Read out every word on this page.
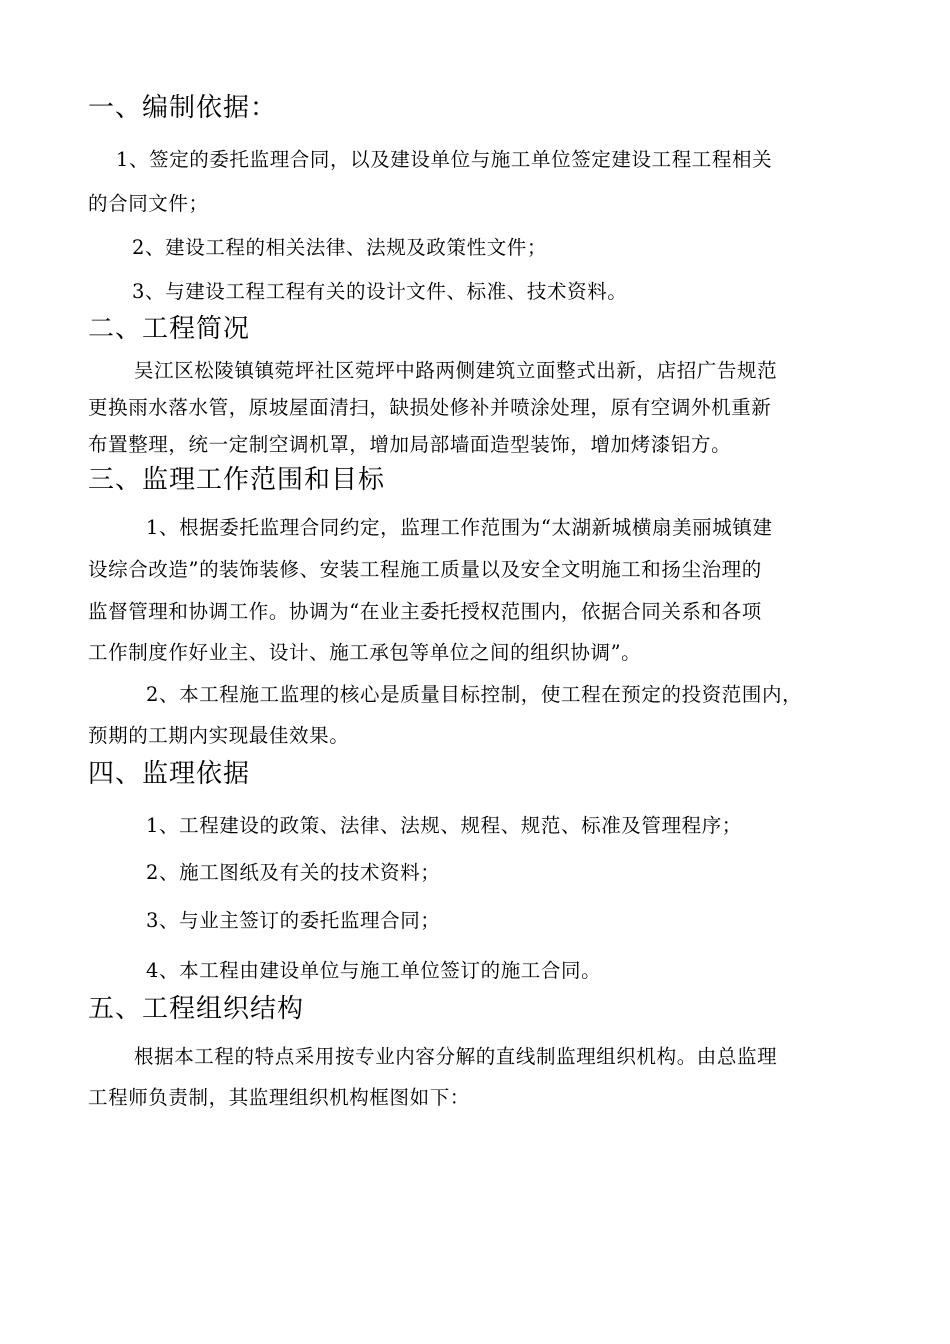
一、编制依据：
1、签定的委托监理合同，以及建设单位与施工单位签定建设工程工程相关
的合同文件；
2、建设工程的相关法律、法规及政策性文件；
3、与建设工程工程有关的设计文件、标准、技术资料。
二、工程简况
吴江区松陵镇镇菀坪社区菀坪中路两侧建筑立面整式出新，店招广告规范
更换雨水落水管，原坡屋面清扫，缺损处修补并喷涂处理，原有空调外机重新
布置整理，统一定制空调机罩，增加局部墙面造型装饰，增加烤漆铝方。
三、监理工作范围和目标
1、根据委托监理合同约定，监理工作范围为“太湖新城横扇美丽城镇建
设综合改造”的装饰装修、安装工程施工质量以及安全文明施工和扬尘治理的
监督管理和协调工作。协调为“在业主委托授权范围内，依据合同关系和各项
工作制度作好业主、设计、施工承包等单位之间的组织协调”。
2、本工程施工监理的核心是质量目标控制，使工程在预定的投资范围内，
预期的工期内实现最佳效果。
四、监理依据
1、工程建设的政策、法律、法规、规程、规范、标准及管理程序；
2、施工图纸及有关的技术资料；
3、与业主签订的委托监理合同；
4、本工程由建设单位与施工单位签订的施工合同。
五、工程组织结构
根据本工程的特点采用按专业内容分解的直线制监理组织机构。由总监理
工程师负责制，其监理组织机构框图如下：
